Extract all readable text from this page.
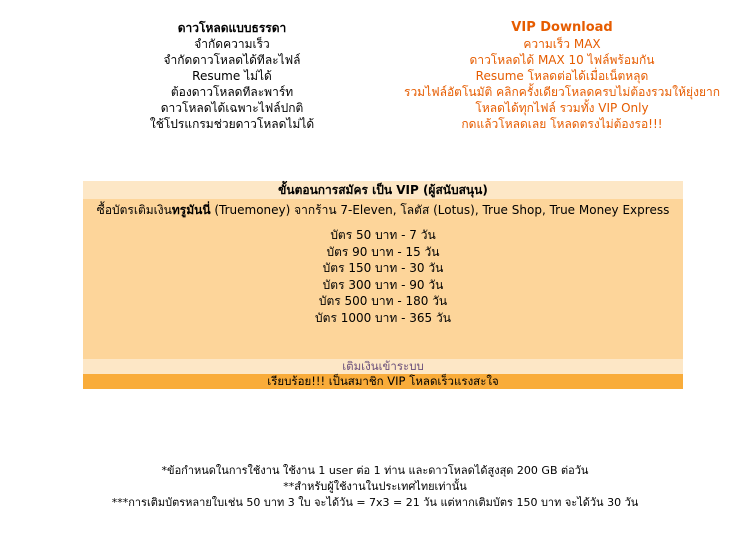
ดาวโหลดแบบธรรดา
จำกัดความเร็ว
จำกัดดาวโหลดได้ทีละไฟล์
Resume ไม่ได้
ต้องดาวโหลดทีละพาร์ท
ดาวโหลดได้เฉพาะไฟล์ปกติ
ใช้โปรแกรมช่วยดาวโหลดไม่ได้
VIP Download
ความเร็ว MAX
ดาวโหลดได้ MAX 10 ไฟล์พร้อมกัน
Resume โหลดต่อได้เมื่อเน็ตหลุด
รวมไฟล์อัตโนมัติ คลิกครั้งเดียวโหลดครบไม่ต้องรวมให้ยุ่งยาก
โหลดได้ทุกไฟล์ รวมทั้ง VIP Only
กดแล้วโหลดเลย โหลดตรงไม่ต้องรอ!!!
ขั้นตอนการสมัคร เป็น VIP (ผู้สนับสนุน)
ซื้อบัตรเติมเงินทรูมันนี่ (Truemoney) จากร้าน 7-Eleven, โลตัส (Lotus), True Shop, True Money Express
บัตร 50 บาท - 7 วัน
บัตร 90 บาท - 15 วัน
บัตร 150 บาท - 30 วัน
บัตร 300 บาท - 90 วัน
บัตร 500 บาท - 180 วัน
บัตร 1000 บาท - 365 วัน
เติมเงินเข้าระบบ
เรียบร้อย!!! เป็นสมาชิก VIP โหลดเร็วแรงสะใจ
*ข้อกำหนดในการใช้งาน ใช้งาน 1 user ต่อ 1 ท่าน และดาวโหลดได้สูงสุด 200 GB ต่อวัน
**สำหรับผู้ใช้งานในประเทศไทยเท่านั้น
***การเติมบัตรหลายใบเช่น 50 บาท 3 ใบ จะได้วัน = 7x3 = 21 วัน แต่หากเติมบัตร 150 บาท จะได้วัน 30 วัน
